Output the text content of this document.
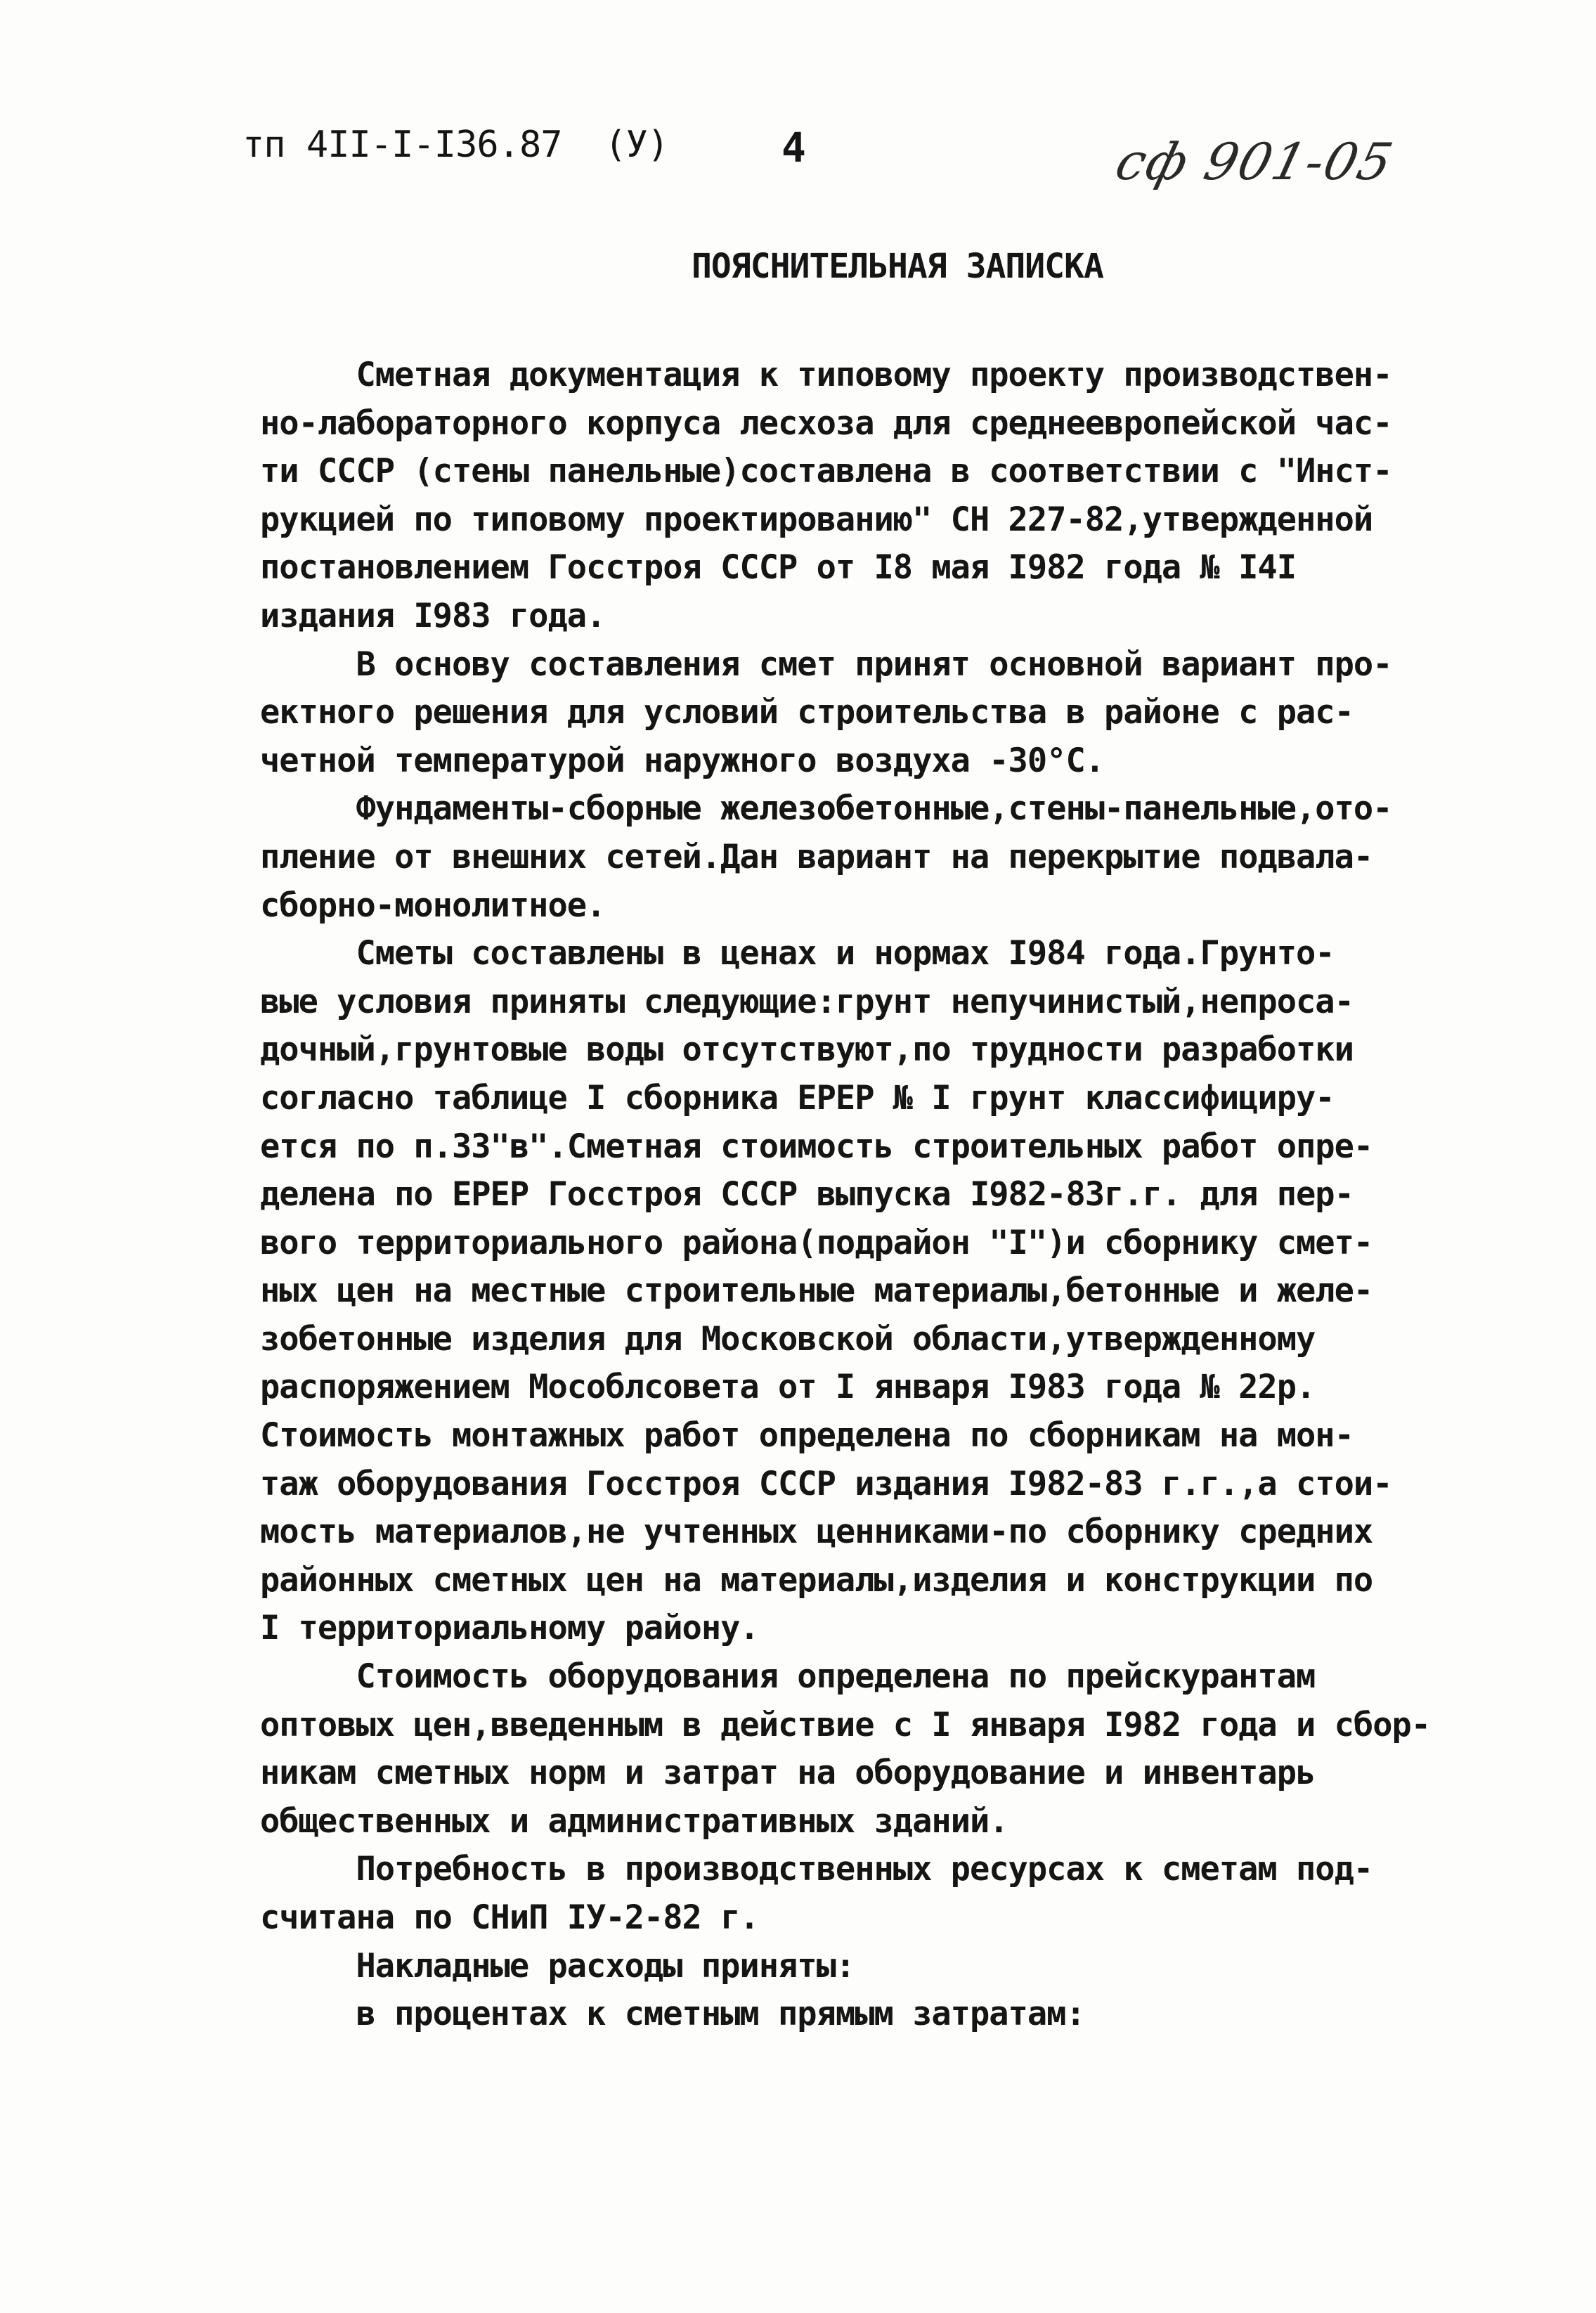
тп 4II-I-I36.87  (У)	4	сф 901-05
ПОЯСНИТЕЛЬНАЯ ЗАПИСКА
Сметная документация к типовому проекту производствен-
но-лабораторного корпуса лесхоза для среднеевропейской час-
ти СССР (стены панельные)составлена в соответствии с "Инст-
рукцией по типовому проектированию" СН 227-82,утвержденной
постановлением Госстроя СССР от I8 мая I982 года № I4I
издания I983 года.
В основу составления смет принят основной вариант про-
ектного решения для условий строительства в районе с рас-
четной температурой наружного воздуха -30°С.
Фундаменты-сборные железобетонные,стены-панельные,ото-
пление от внешних сетей.Дан вариант на перекрытие подвала-
сборно-монолитное.
Сметы составлены в ценах и нормах I984 года.Грунто-
вые условия приняты следующие:грунт непучинистый,непроса-
дочный,грунтовые воды отсутствуют,по трудности разработки
согласно таблице I сборника ЕРЕР № I грунт классифициру-
ется по п.33"в".Сметная стоимость строительных работ опре-
делена по ЕРЕР Госстроя СССР выпуска I982-83г.г. для пер-
вого территориального района(подрайон "I")и сборнику смет-
ных цен на местные строительные материалы,бетонные и желе-
зобетонные изделия для Московской области,утвержденному
распоряжением Мособлсовета от I января I983 года № 22р.
Стоимость монтажных работ определена по сборникам на мон-
таж оборудования Госстроя СССР издания I982-83 г.г.,а стои-
мость материалов,не учтенных ценниками-по сборнику средних
районных сметных цен на материалы,изделия и конструкции по
I территориальному району.
Стоимость оборудования определена по прейскурантам
оптовых цен,введенным в действие с I января I982 года и сбор-
никам сметных норм и затрат на оборудование и инвентарь
общественных и административных зданий.
Потребность в производственных ресурсах к сметам под-
считана по СНиП IУ-2-82 г.
Накладные расходы приняты:
в процентах к сметным прямым затратам:
